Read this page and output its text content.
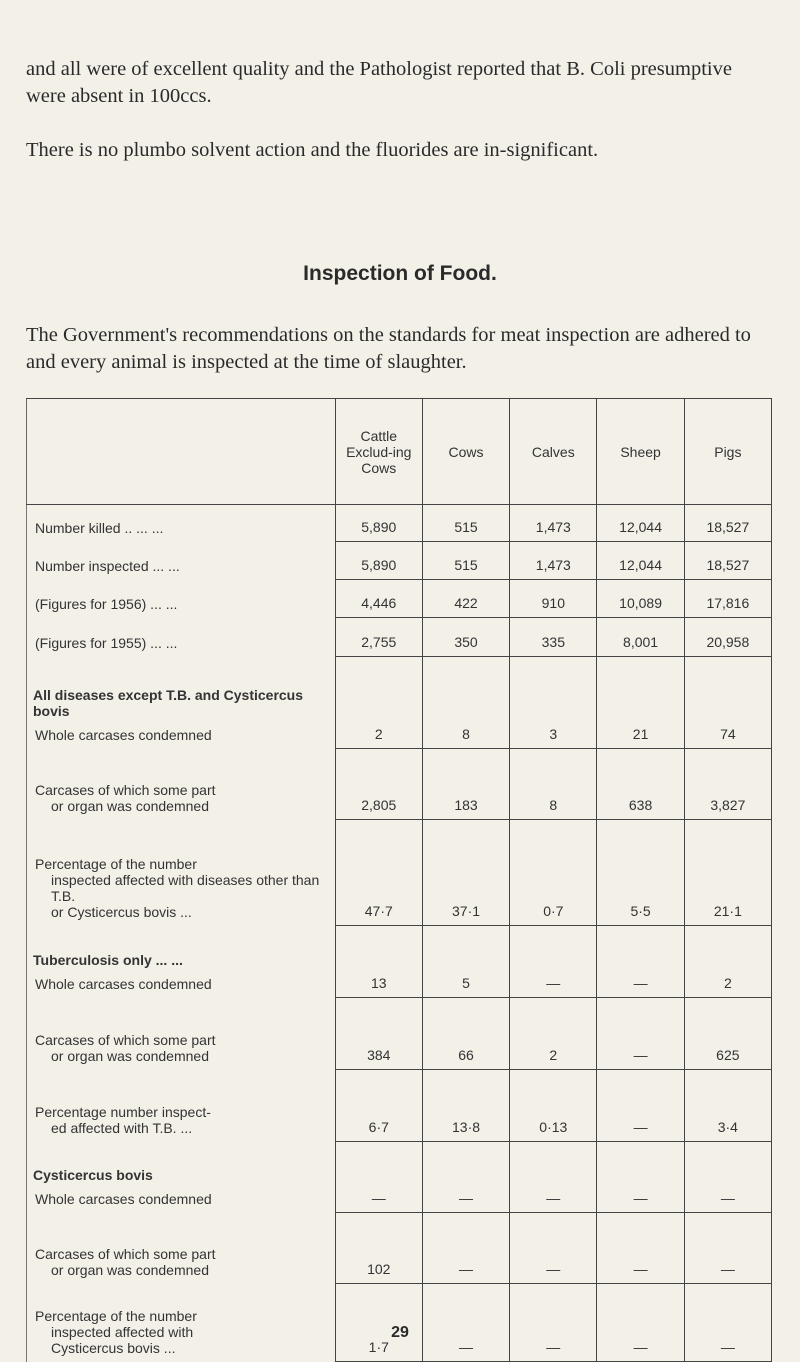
and all were of excellent quality and the Pathologist reported that B. Coli presumptive were absent in 100ccs.

There is no plumbo solvent action and the fluorides are in-significant.

Inspection of Food.

The Government's recommendations on the standards for meat inspection are adhered to and every animal is inspected at the time of slaughter.

	Cattle Exclud-ing Cows	Cows	Calves	Sheep	Pigs
Number killed .. ... ...	5,890	515	1,473	12,044	18,527
Number inspected ... ...	5,890	515	1,473	12,044	18,527
(Figures for 1956) ... ...	4,446	422	910	10,089	17,816
(Figures for 1955) ... ...	2,755	350	335	8,001	20,958

All diseases except T.B. and Cysticercus bovis
Whole carcases condemned	2	8	3	21	74

Carcases of which some part
or organ was condemned	2,805	183	8	638	3,827

Percentage of the number
inspected affected with diseases other than T.B.
or Cysticercus bovis ...	47·7	37·1	0·7	5·5	21·1

Tuberculosis only ... ...
Whole carcases condemned	13	5	—	—	2

Carcases of which some part
or organ was condemned	384	66	2	—	625

Percentage number inspect-
ed affected with T.B. ...	6·7	13·8	0·13	—	3·4

Cysticercus bovis
Whole carcases condemned	—	—	—	—	—

Carcases of which some part
or organ was condemned	102	—	—	—	—

Percentage of the number
inspected affected with
Cysticercus bovis ...	1·7	—	—	—	—
29
